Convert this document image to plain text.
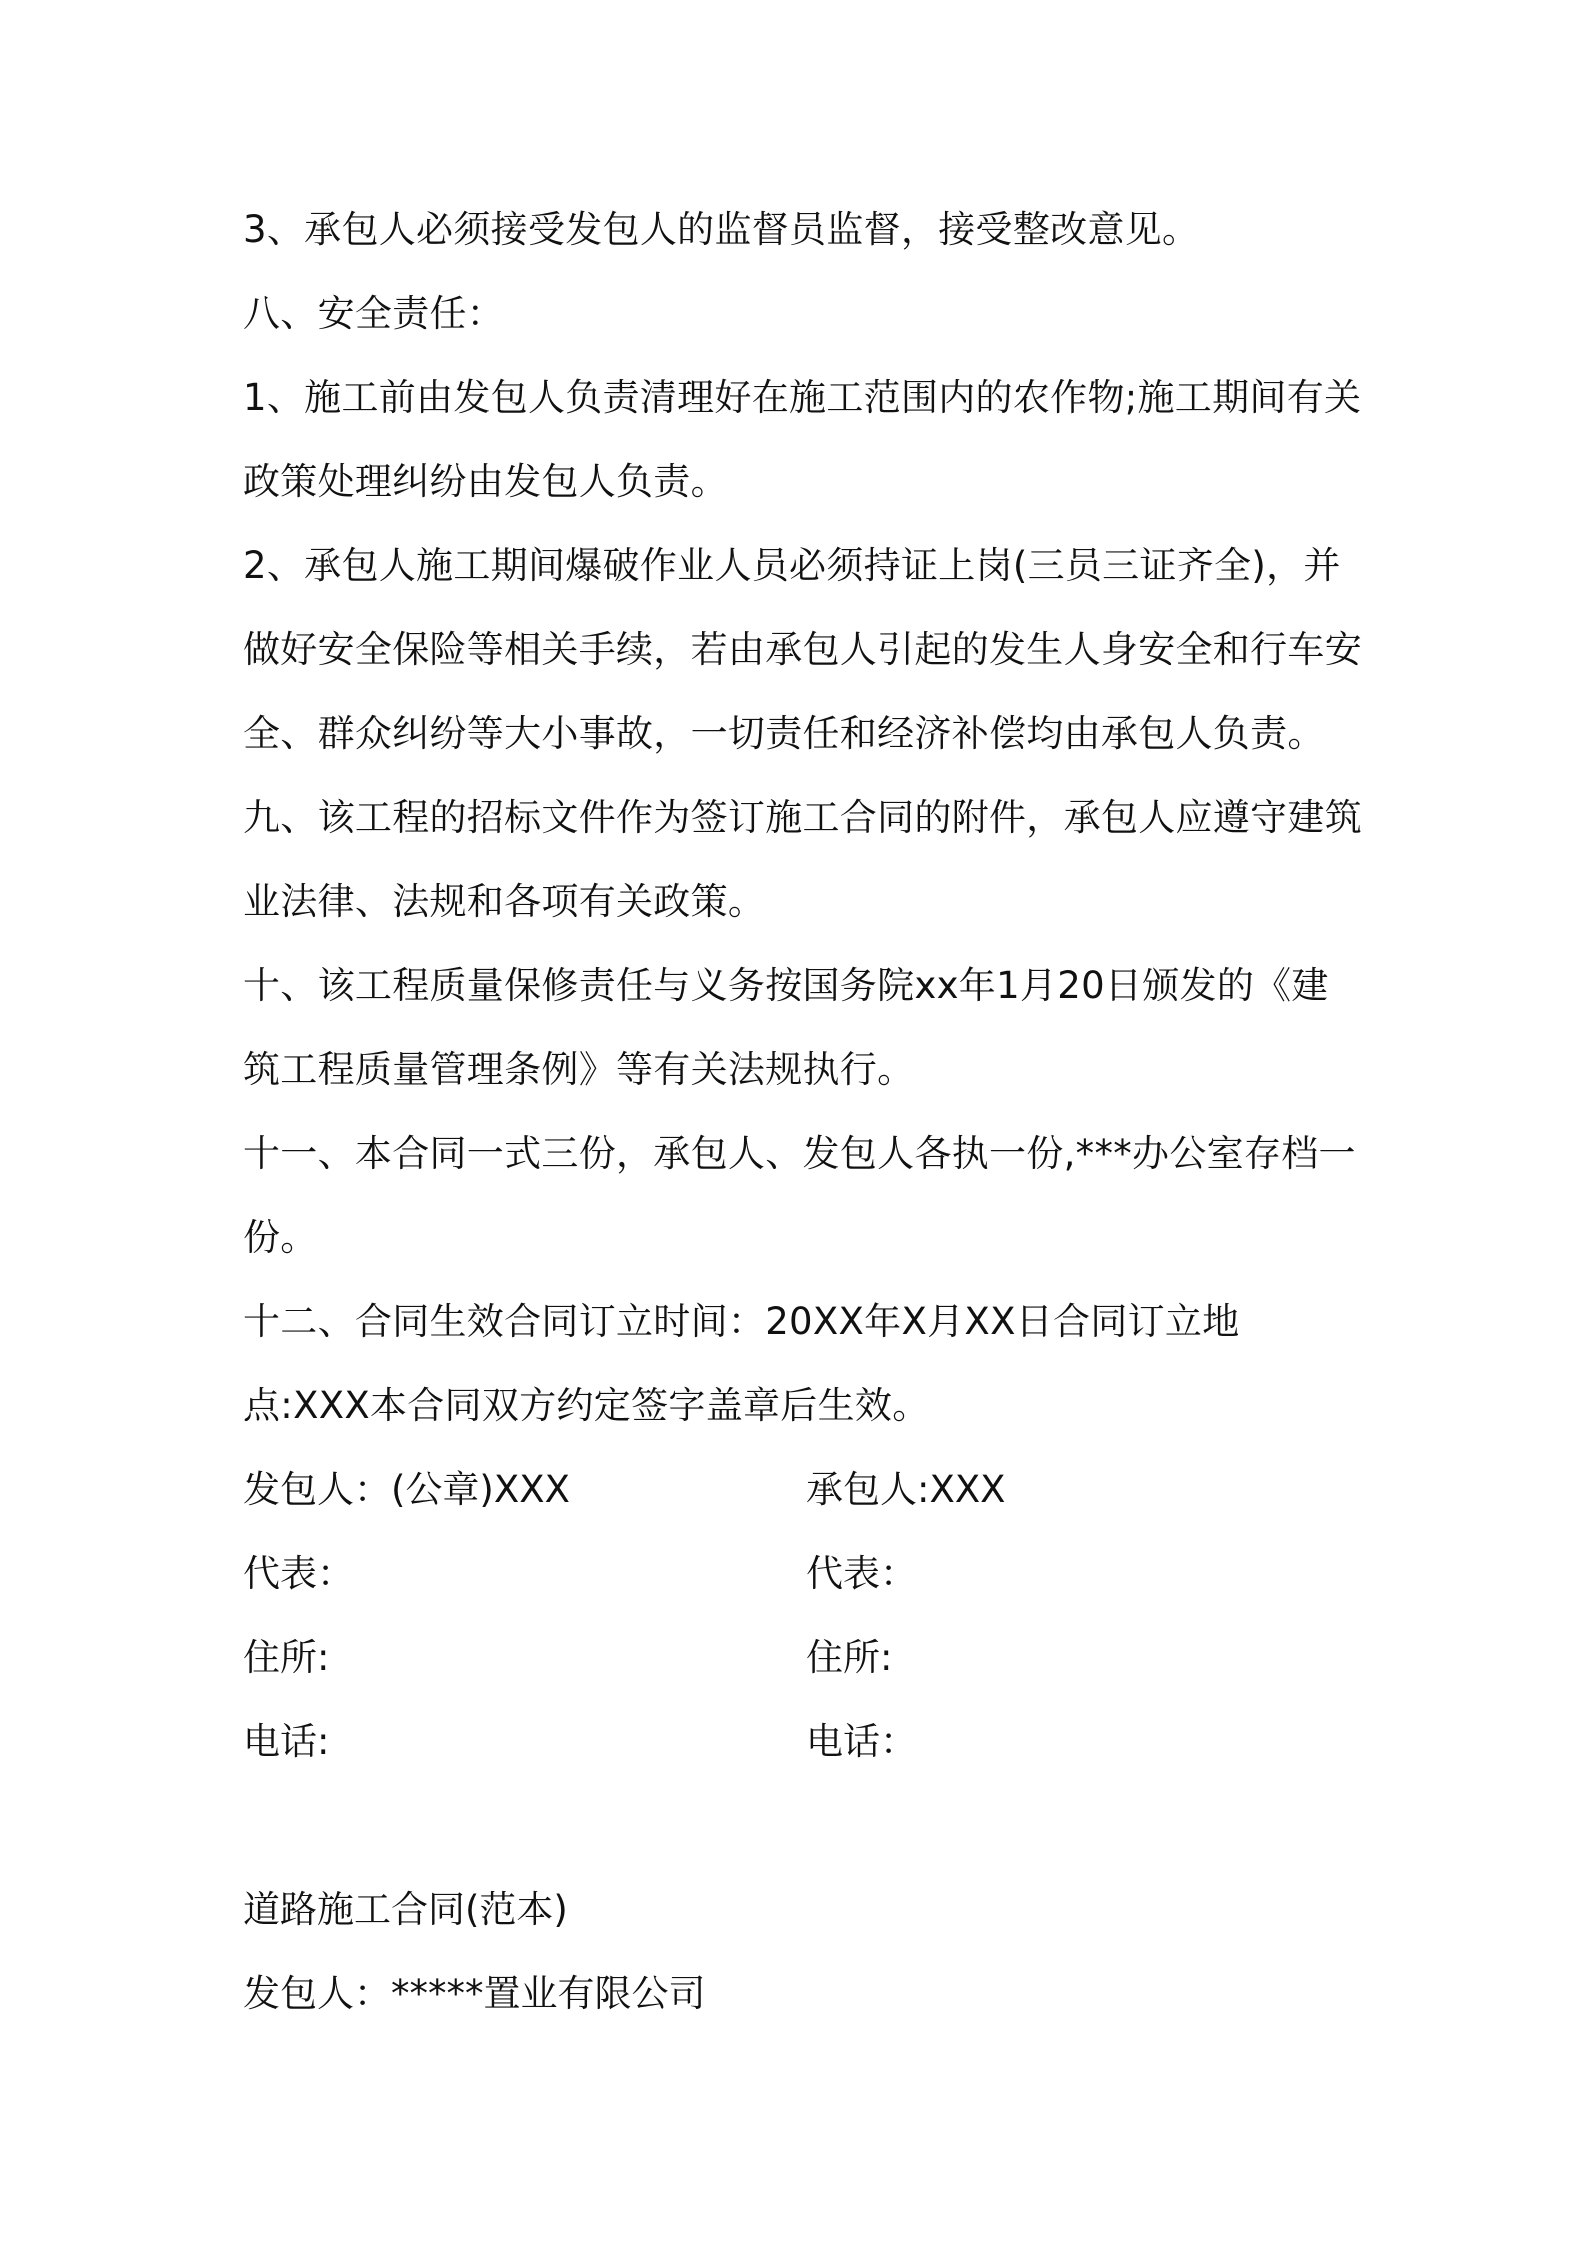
3、承包人必须接受发包人的监督员监督，接受整改意见。

八、安全责任：

1、施工前由发包人负责清理好在施工范围内的农作物;施工期间有关政策处理纠纷由发包人负责。

2、承包人施工期间爆破作业人员必须持证上岗(三员三证齐全)，并做好安全保险等相关手续，若由承包人引起的发生人身安全和行车安全、群众纠纷等大小事故，一切责任和经济补偿均由承包人负责。

九、该工程的招标文件作为签订施工合同的附件，承包人应遵守建筑业法律、法规和各项有关政策。

十、该工程质量保修责任与义务按国务院xx年1月20日颁发的《建筑工程质量管理条例》等有关法规执行。

十一、本合同一式三份，承包人、发包人各执一份,***办公室存档一份。

十二、合同生效合同订立时间：20XX年X月XX日合同订立地点:XXX本合同双方约定签字盖章后生效。

发包人：(公章)XXX	承包人:XXX
代表：	代表：
住所:	住所:
电话:	电话：
道路施工合同(范本)
发包人：*****置业有限公司
